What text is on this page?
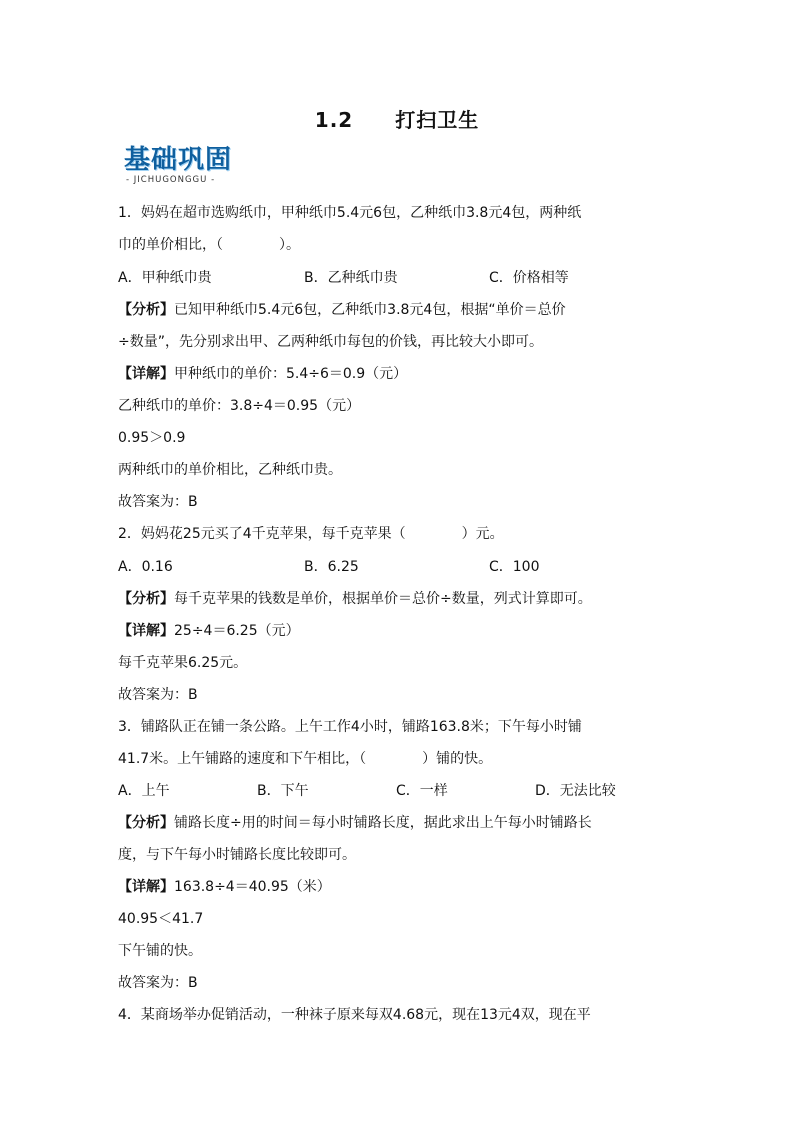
1.2 打扫卫生
基础巩固
- JICHUGONGGU -
1．妈妈在超市选购纸巾，甲种纸巾5.4元6包，乙种纸巾3.8元4包，两种纸
巾的单价相比，（　　　　）。
A．甲种纸巾贵	B．乙种纸巾贵	C．价格相等
【分析】已知甲种纸巾5.4元6包，乙种纸巾3.8元4包，根据“单价＝总价
÷数量”，先分别求出甲、乙两种纸巾每包的价钱，再比较大小即可。
【详解】甲种纸巾的单价：5.4÷6＝0.9（元）
乙种纸巾的单价：3.8÷4＝0.95（元）
0.95＞0.9
两种纸巾的单价相比，乙种纸巾贵。
故答案为：B
2．妈妈花25元买了4千克苹果，每千克苹果（　　　　）元。
A．0.16	B．6.25	C．100
【分析】每千克苹果的钱数是单价，根据单价＝总价÷数量，列式计算即可。
【详解】25÷4＝6.25（元）
每千克苹果6.25元。
故答案为：B
3．铺路队正在铺一条公路。上午工作4小时，铺路163.8米；下午每小时铺
41.7米。上午铺路的速度和下午相比，（　　　　）铺的快。
A．上午	B．下午	C．一样	D．无法比较
【分析】铺路长度÷用的时间＝每小时铺路长度，据此求出上午每小时铺路长
度，与下午每小时铺路长度比较即可。
【详解】163.8÷4＝40.95（米）
40.95＜41.7
下午铺的快。
故答案为：B
4．某商场举办促销活动，一种袜子原来每双4.68元，现在13元4双，现在平
